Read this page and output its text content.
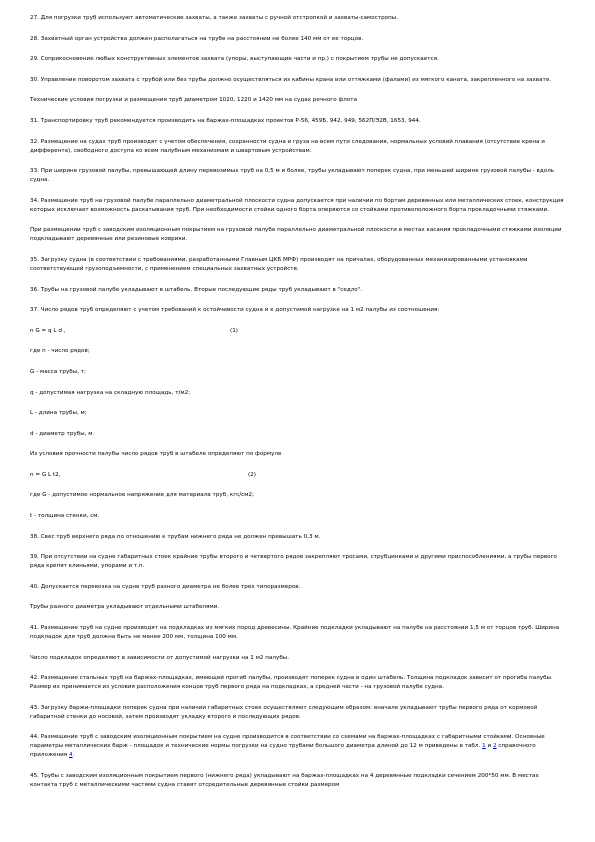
27. Для погрузки труб используют автоматические захваты, а также захваты с ручной отстропкой и захваты-самостропы.
28. Захватный орган устройства должен располагаться на трубе на расстоянии не более 140 мм от ее торцов.
29. Соприкосновение любых конструктивных элементов захвата (упоры, выступающие части и пр.) с покрытием трубы не допускается.
30. Управление поворотом захвата с трубой или без трубы должно осуществляться из кабины крана или оттяжками (фалами) из мягкого каната, закрепленного на захвате.
Технические условия погрузки и размещения труб диаметром 1020, 1220 и 1420 мм на судах речного флота
31. Транспортировку труб рекомендуется производить на баржах-площадках проектов Р-56, 459Б, 942, 949, 562П/Э2В, 1653, 944.
32. Размещение на судах труб производят с учетом обеспечения, сохранности судна и груза на всем пути следования, нормальных условий плавания (отсутствие крена и дифферента), свободного доступа ко всем палубным механизмам и швартовым устройствам.
33. При ширине грузовой палубы, превышающей длину перевозимых труб на 0,5 м и более, трубы укладывают поперек судна, при меньшей ширине грузовой палубы - вдоль судна.
34. Размещение труб на грузовой палубе параллельно диаметральной плоскости судна допускается при наличии по бортам деревянных или металлических стоек, конструкция которых исключает возможность раскатывания труб. При необходимости стойки одного борта оперяются со стойками противоположного борта прокладочными стяжками.
При размещении труб с заводским изоляционным покрытием на грузовой палубе параллельно диаметральной плоскости в местах касания прокладочными стяжками изоляции подкладывают деревянные или резиновые коврики.
35. Загрузку судна (в соответствии с требованиями, разработанными Главным ЦКБ МРФ) производят на причалах, оборудованных механизированными установками соответствующей грузоподъемности, с применением специальных захватных устройств.
36. Трубы на грузовой палубе укладывают в штабель. Вторые последующие ряды труб укладывают в "седло".
37. Число рядов труб определяют с учетом требований к остойчивости судна и к допустимой нагрузке на 1 м2 палубы из соотношения:
n G = q L d ,	(1)
где n - число рядов;
G - масса трубы, т;
q - допустимая нагрузка на складную площадь, т/м2;
L - длина трубы, м;
d - диаметр трубы, м.
Из условия прочности палубы число рядов труб в штабеле определяют по формуле
n = G L t2,	(2)
где G - допустимое нормальное напряжение для материала труб, кгс/см2;
t - толщина стенки, см.
38. Свес труб верхнего ряда по отношению к трубам нижнего ряда не должен превышать 0,3 м.
39. При отсутствии на судне габаритных стоек крайние трубы второго и четвертого рядов закрепляют тросами, струбцинками и другими приспособлениями, а трубы первого ряда крепят клиньями, упорами и т.п.
40. Допускается перевозка на судне труб разного диаметра не более трех типоразмеров.
Трубы разного диаметра укладывают отдельными штабелями.
41. Размещение труб на судне производят на подкладках из мягких пород древесины. Крайние подкладки укладывают на палубе на расстоянии 1,5 м от торцов труб. Ширина подкладок для труб должна быть не менее 200 мм, толщина 100 мм.
Число подкладок определяют в зависимости от допустимой нагрузки на 1 м2 палубы.
42. Размещение стальных труб на баржах-площадках, имеющей прогиб палубы, производят поперек судна в один штабель. Толщина подкладок зависит от прогиба палубы. Размер их принимается из условия расположения концов труб первого ряда на подкладках, а средней части - на грузовой палубе судна.
43. Загрузку баржи-площадки поперек судна при наличии габаритных стоек осуществляют следующим образом: вначале укладывают трубы первого ряда от кормовой габаритной стенки до носовой, затем производят укладку второго и последующих рядов.
44. Размещение труб с заводским изоляционным покрытием на судне производится в соответствии со схемами на баржах-площадках с габаритными стойками. Основные параметры металлических барж - площадок и технические нормы погрузки на судно трубами большого диаметра длиной до 12 м приведены в табл. 1 и 2 справочного приложения 4.
45. Трубы с заводским изоляционным покрытием первого (нижнего ряда) укладывают на баржах-площадках на 4 деревянные подкладки сечением 200*50 мм. В местах контакта труб с металлическими частями судна ставят отсредительные деревянные стойки размером
